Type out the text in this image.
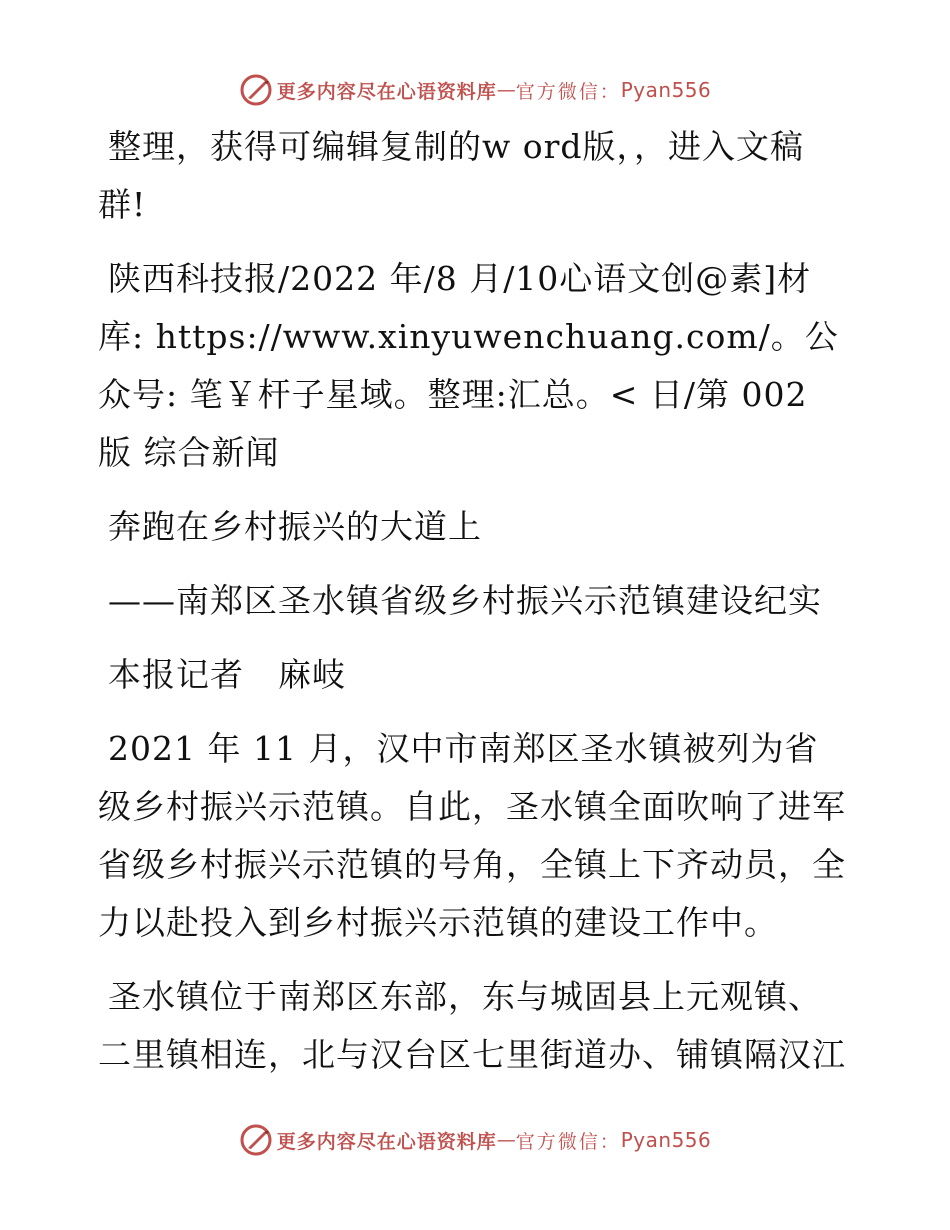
更多内容尽在心语资料库 — 官方微信： Pyan556

整理，获得可编辑复制的w ord版，，进入文稿群!

陕西科技报/2022 年/8 月/10心语文创@素]材库: https://www.xinyuwenchuang.com/。公众号: 笔￥杆子星域。整理:汇总。< 日/第 002 版 综合新闻

奔跑在乡村振兴的大道上

——南郑区圣水镇省级乡村振兴示范镇建设纪实

本报记者　麻岐

2021 年 11 月，汉中市南郑区圣水镇被列为省级乡村振兴示范镇。自此，圣水镇全面吹响了进军省级乡村振兴示范镇的号角，全镇上下齐动员，全力以赴投入到乡村振兴示范镇的建设工作中。

圣水镇位于南郑区东部，东与城固县上元观镇、二里镇相连，北与汉台区七里街道办、铺镇隔汉江

更多内容尽在心语资料库 — 官方微信： Pyan556
